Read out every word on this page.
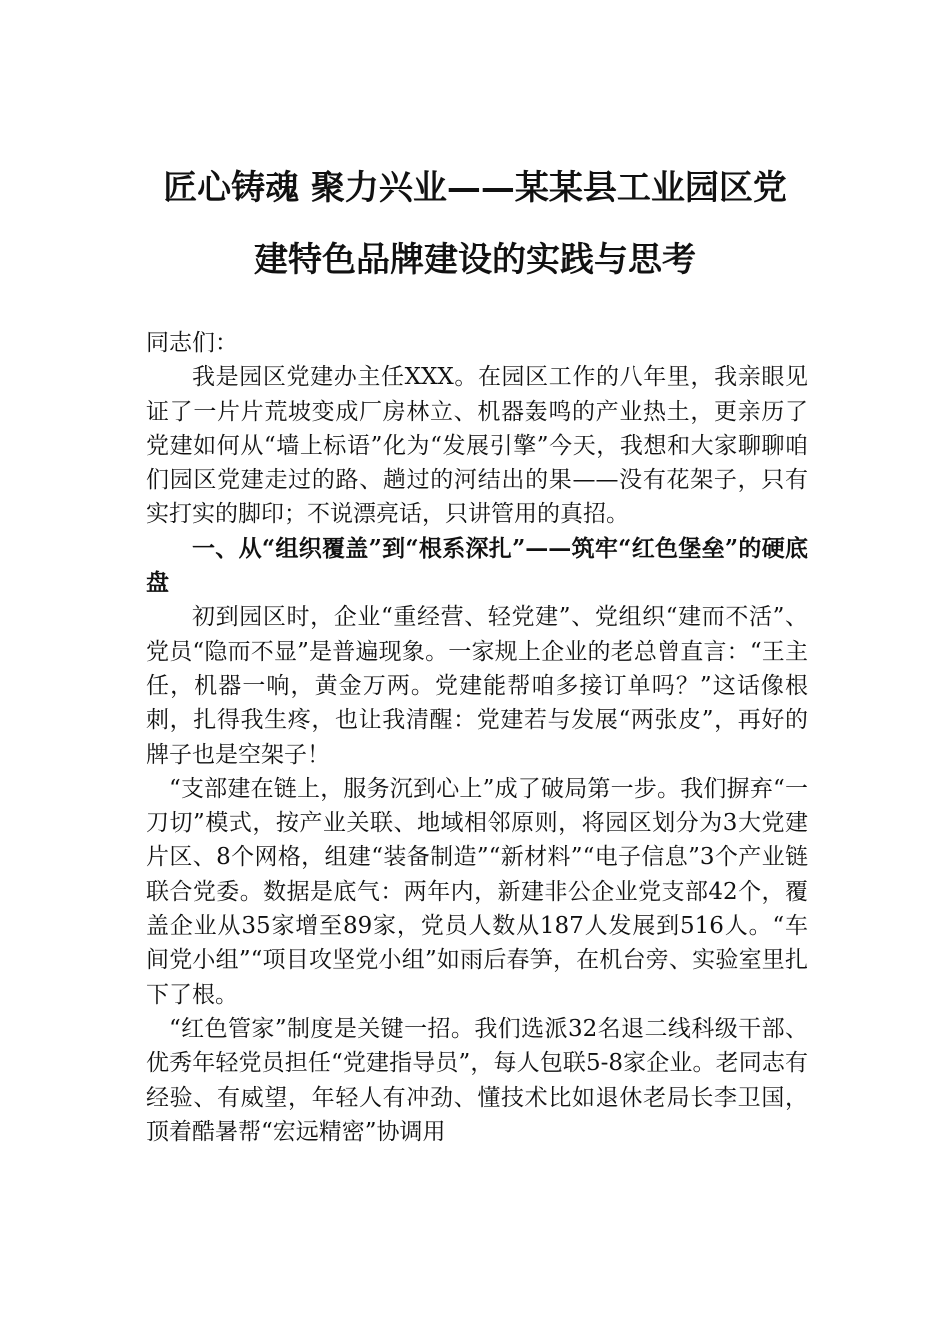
匠心铸魂 聚力兴业——某某县工业园区党
建特色品牌建设的实践与思考

同志们：

我是园区党建办主任XXX。在园区工作的八年里，我亲眼见证了一片片荒坡变成厂房林立、机器轰鸣的产业热土，更亲历了党建如何从“墙上标语”化为“发展引擎”今天，我想和大家聊聊咱们园区党建走过的路、趟过的河结出的果——没有花架子，只有实打实的脚印；不说漂亮话，只讲管用的真招。

一、从“组织覆盖”到“根系深扎”——筑牢“红色堡垒”的硬底盘

初到园区时，企业“重经营、轻党建”、党组织“建而不活”、党员“隐而不显”是普遍现象。一家规上企业的老总曾直言：“王主任，机器一响，黄金万两。党建能帮咱多接订单吗？”这话像根刺，扎得我生疼，也让我清醒：党建若与发展“两张皮”，再好的牌子也是空架子！

“支部建在链上，服务沉到心上”成了破局第一步。我们摒弃“一刀切”模式，按产业关联、地域相邻原则，将园区划分为3大党建片区、8个网格，组建“装备制造”“新材料”“电子信息”3个产业链联合党委。数据是底气：两年内，新建非公企业党支部42个，覆盖企业从35家增至89家，党员人数从187人发展到516人。“车间党小组”“项目攻坚党小组”如雨后春笋，在机台旁、实验室里扎下了根。

“红色管家”制度是关键一招。我们选派32名退二线科级干部、优秀年轻党员担任“党建指导员”，每人包联5-8家企业。老同志有经验、有威望，年轻人有冲劲、懂技术比如退休老局长李卫国，顶着酷暑帮“宏远精密”协调用
